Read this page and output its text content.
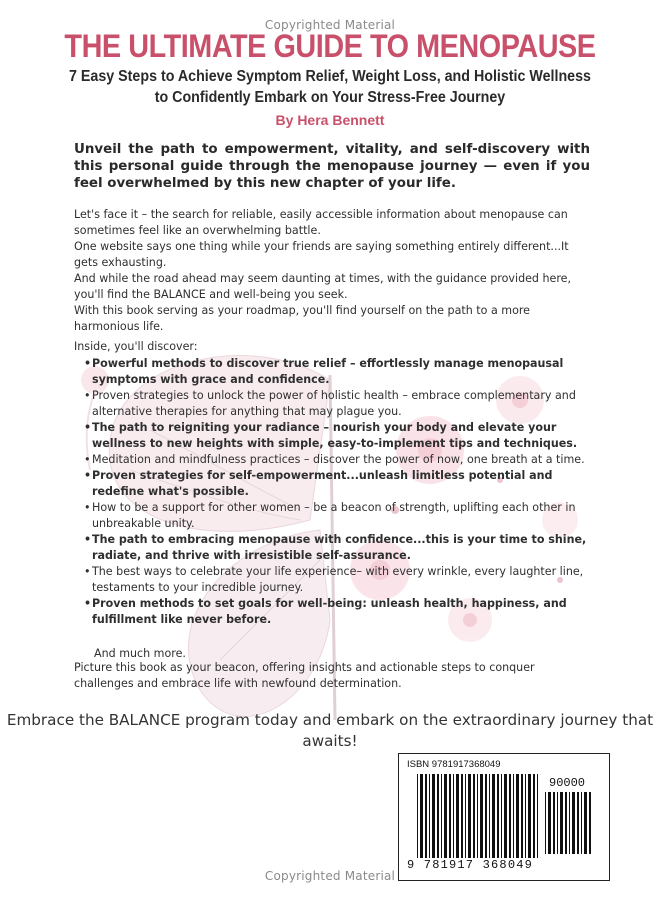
Copyrighted Material
THE ULTIMATE GUIDE TO MENOPAUSE
7 Easy Steps to Achieve Symptom Relief, Weight Loss, and Holistic Wellness to Confidently Embark on Your Stress-Free Journey
By Hera Bennett
Unveil the path to empowerment, vitality, and self-discovery with this personal guide through the menopause journey — even if you feel overwhelmed by this new chapter of your life.

Let's face it – the search for reliable, easily accessible information about menopause can sometimes feel like an overwhelming battle.

One website says one thing while your friends are saying something entirely different...It gets exhausting.

And while the road ahead may seem daunting at times, with the guidance provided here, you'll find the BALANCE and well-being you seek.

With this book serving as your roadmap, you'll find yourself on the path to a more harmonious life.

Inside, you'll discover:

• Powerful methods to discover true relief – effortlessly manage menopausal symptoms with grace and confidence.
• Proven strategies to unlock the power of holistic health – embrace complementary and alternative therapies for anything that may plague you.
• The path to reigniting your radiance – nourish your body and elevate your wellness to new heights with simple, easy-to-implement tips and techniques.
• Meditation and mindfulness practices – discover the power of now, one breath at a time.
• Proven strategies for self-empowerment...unleash limitless potential and redefine what's possible.
• How to be a support for other women – be a beacon of strength, uplifting each other in unbreakable unity.
• The path to embracing menopause with confidence...this is your time to shine, radiate, and thrive with irresistible self-assurance.
• The best ways to celebrate your life experience– with every wrinkle, every laughter line, testaments to your incredible journey.
• Proven methods to set goals for well-being: unleash health, happiness, and fulfillment like never before.

And much more.

Picture this book as your beacon, offering insights and actionable steps to conquer challenges and embrace life with newfound determination.
Embrace the BALANCE program today and embark on the extraordinary journey that awaits!
ISBN 9781917368049
90000
9 781917 368049
Copyrighted Material
